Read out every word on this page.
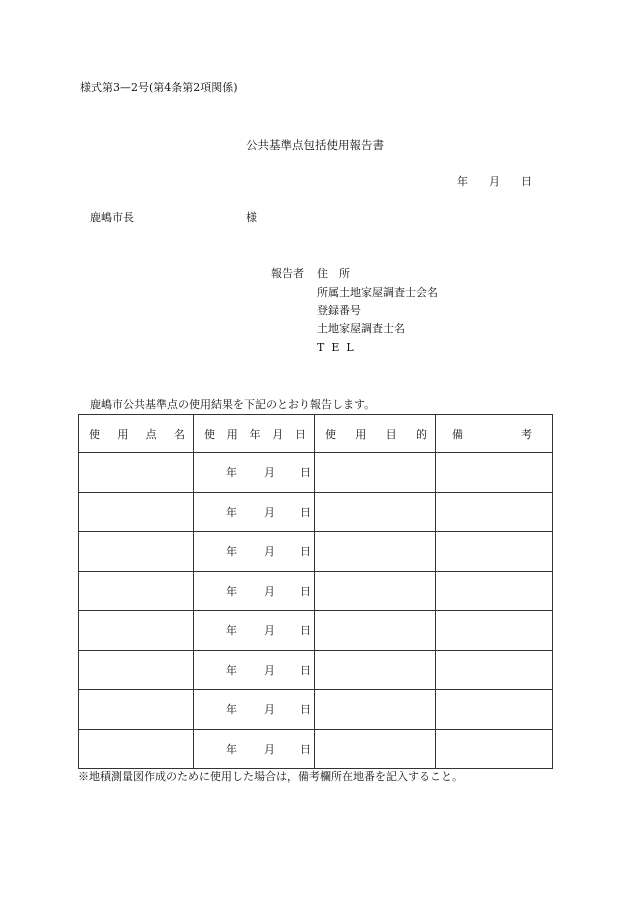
様式第3—2号(第4条第2項関係)
公共基準点包括使用報告書
年 月 日
鹿嶋市長	様
報告者 住　所
所属土地家屋調査士会名
登録番号
土地家屋調査士名
TEL
鹿嶋市公共基準点の使用結果を下記のとおり報告します。
使 用 点 名	使 用 年 月 日	使 用 目 的	備 考

	年 月 日		
	年 月 日		
	年 月 日		
	年 月 日		
	年 月 日		
	年 月 日		
	年 月 日		
	年 月 日		
※地積測量図作成のために使用した場合は，備考欄所在地番を記入すること。
